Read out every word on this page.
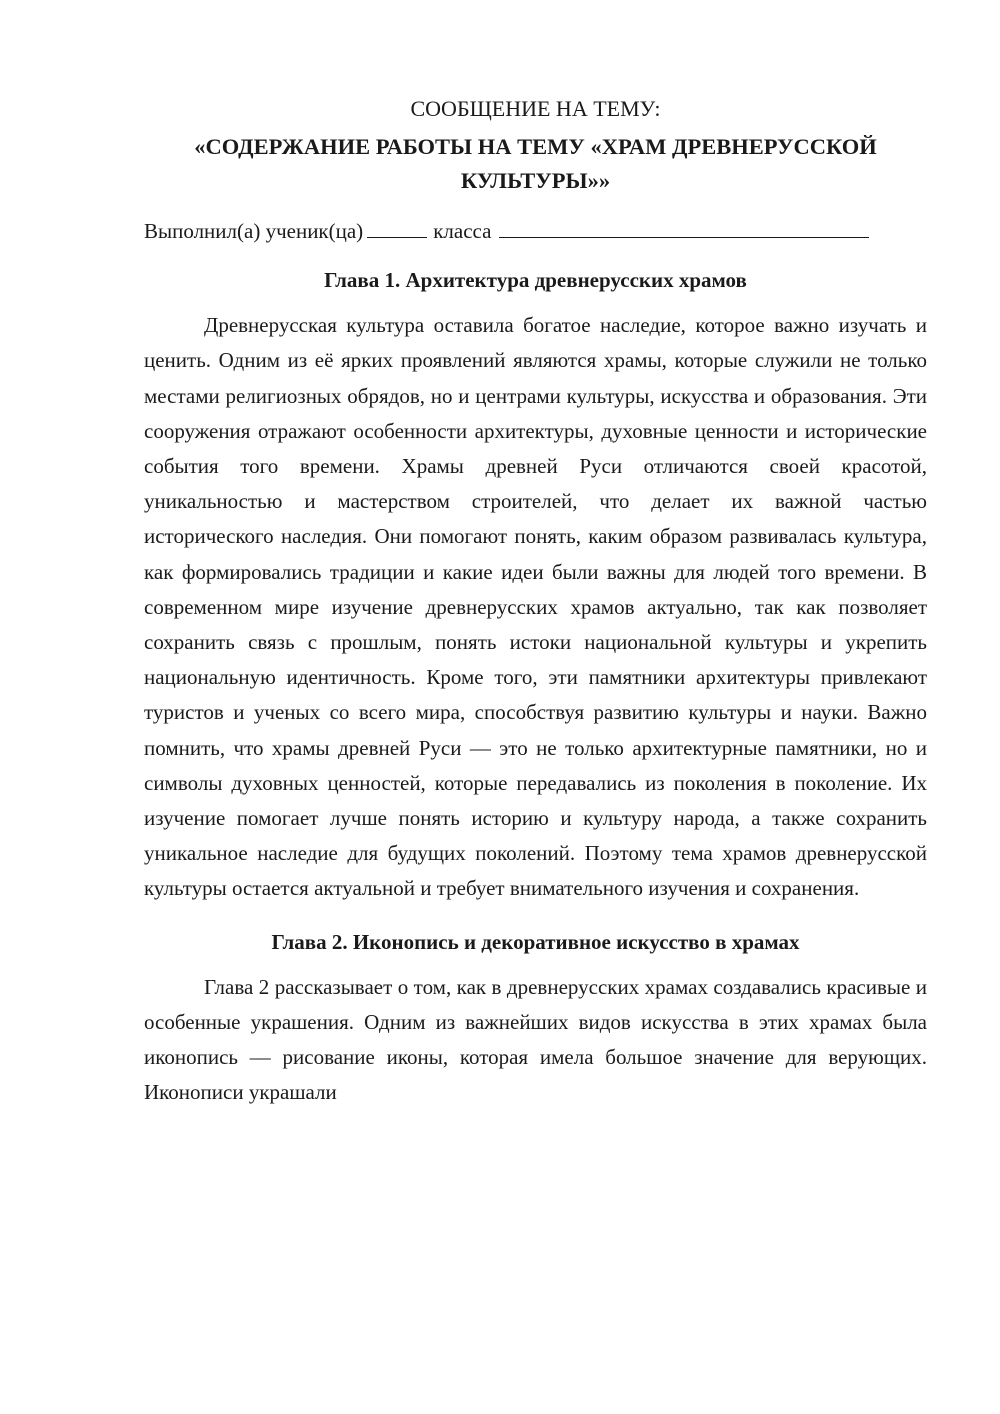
СООБЩЕНИЕ НА ТЕМУ:
«СОДЕРЖАНИЕ РАБОТЫ НА ТЕМУ «ХРАМ ДРЕВНЕРУССКОЙ КУЛЬТУРЫ»»
Выполнил(а) ученик(ца)	класса
Глава 1. Архитектура древнерусских храмов

Древнерусская культура оставила богатое наследие, которое важно изучать и ценить. Одним из её ярких проявлений являются храмы, которые служили не только местами религиозных обрядов, но и центрами культуры, искусства и образования. Эти сооружения отражают особенности архитектуры, духовные ценности и исторические события того времени. Храмы древней Руси отличаются своей красотой, уникальностью и мастерством строителей, что делает их важной частью исторического наследия. Они помогают понять, каким образом развивалась культура, как формировались традиции и какие идеи были важны для людей того времени. В современном мире изучение древнерусских храмов актуально, так как позволяет сохранить связь с прошлым, понять истоки национальной культуры и укрепить национальную идентичность. Кроме того, эти памятники архитектуры привлекают туристов и ученых со всего мира, способствуя развитию культуры и науки. Важно помнить, что храмы древней Руси — это не только архитектурные памятники, но и символы духовных ценностей, которые передавались из поколения в поколение. Их изучение помогает лучше понять историю и культуру народа, а также сохранить уникальное наследие для будущих поколений. Поэтому тема храмов древнерусской культуры остается актуальной и требует внимательного изучения и сохранения.

Глава 2. Иконопись и декоративное искусство в храмах

Глава 2 рассказывает о том, как в древнерусских храмах создавались красивые и особенные украшения. Одним из важнейших видов искусства в этих храмах была иконопись — рисование иконы, которая имела большое значение для верующих. Иконописи украшали
